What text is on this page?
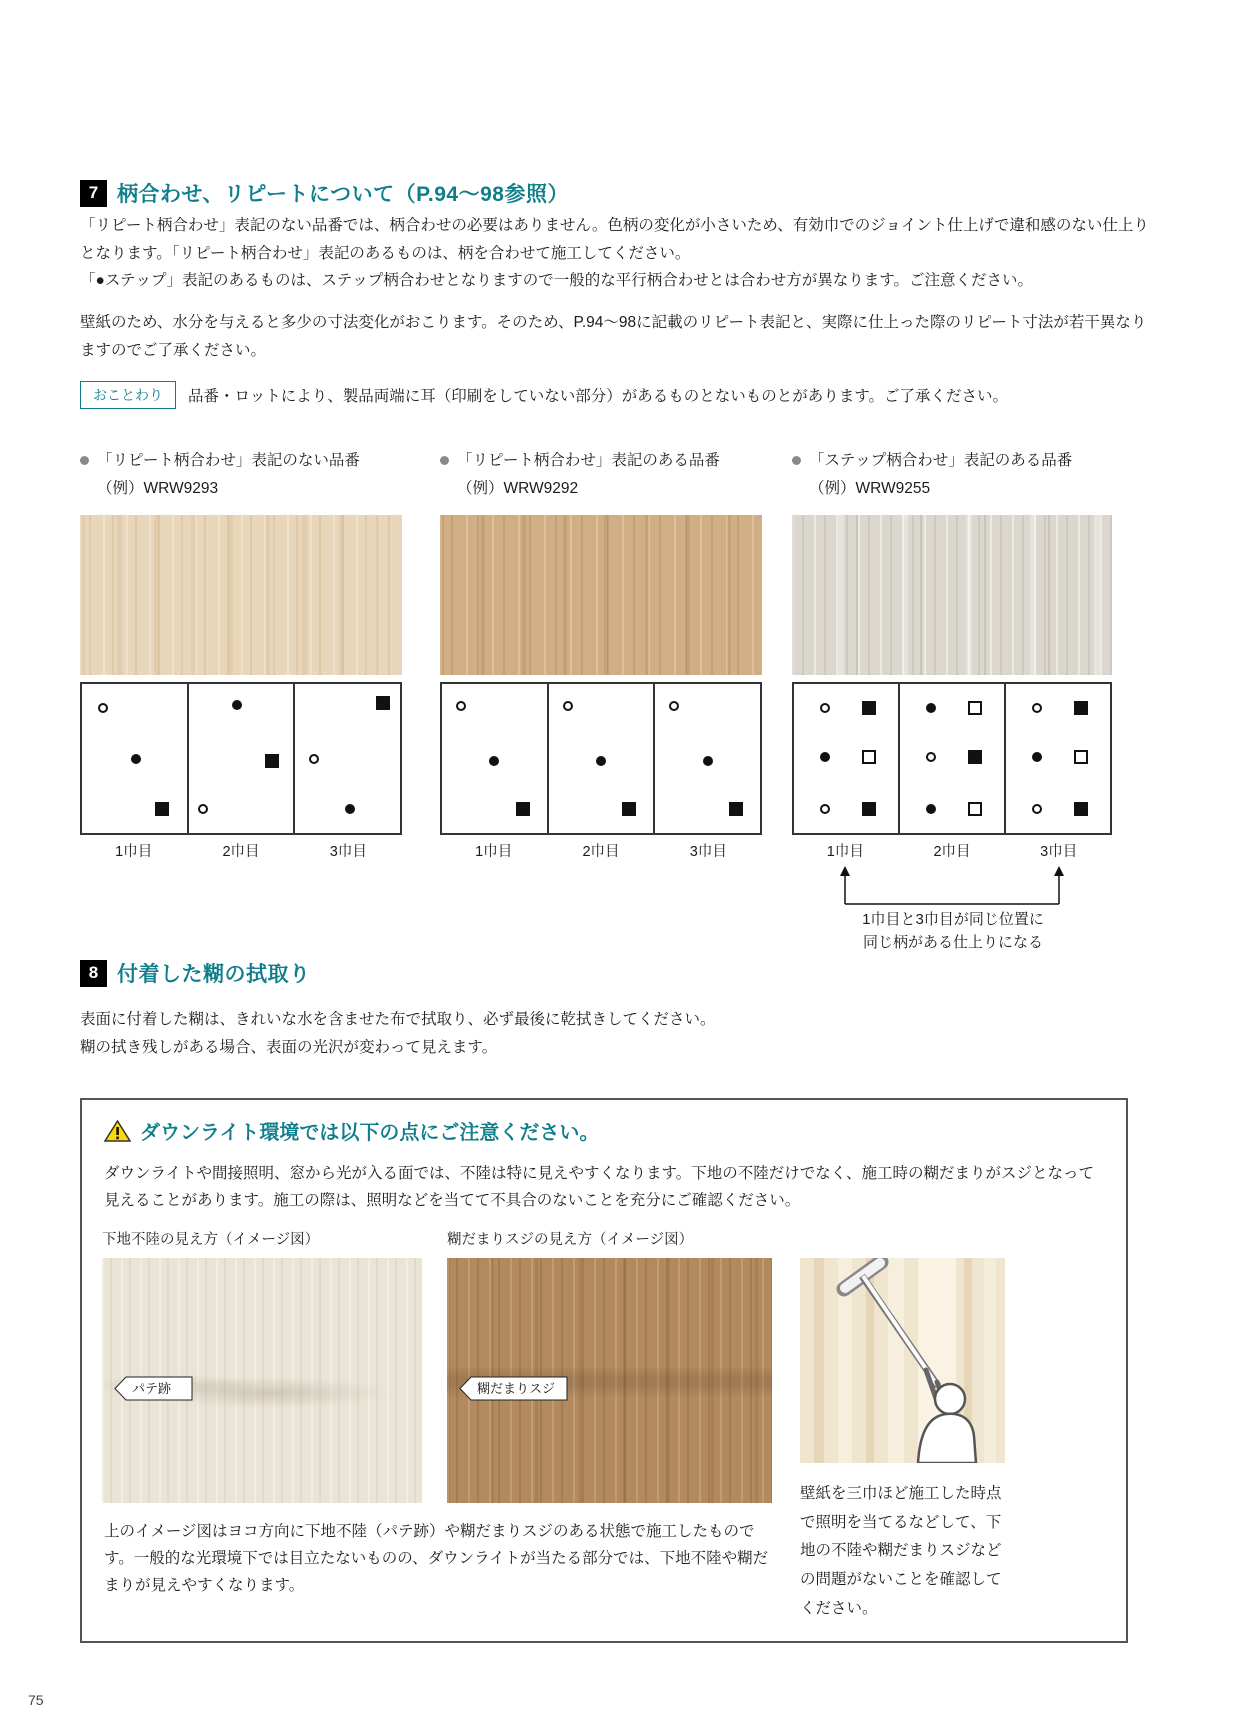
7 柄合わせ、リピートについて（P.94～98参照）

「リピート柄合わせ」表記のない品番では、柄合わせの必要はありません。色柄の変化が小さいため、有効巾でのジョイント仕上げで違和感のない仕上りとなります。「リピート柄合わせ」表記のあるものは、柄を合わせて施工してください。

「●ステップ」表記のあるものは、ステップ柄合わせとなりますので一般的な平行柄合わせとは合わせ方が異なります。ご注意ください。

壁紙のため、水分を与えると多少の寸法変化がおこります。そのため、P.94～98に記載のリピート表記と、実際に仕上った際のリピート寸法が若干異なりますのでご了承ください。

おことわり	品番・ロットにより、製品両端に耳（印刷をしていない部分）があるものとないものとがあります。ご了承ください。
「リピート柄合わせ」表記のない品番
（例）WRW9293
1巾目	2巾目	3巾目
「リピート柄合わせ」表記のある品番
（例）WRW9292
1巾目	2巾目	3巾目
「ステップ柄合わせ」表記のある品番
（例）WRW9255
1巾目	2巾目	3巾目
1巾目と3巾目が同じ位置に
同じ柄がある仕上りになる
8 付着した糊の拭取り

表面に付着した糊は、きれいな水を含ませた布で拭取り、必ず最後に乾拭きしてください。

糊の拭き残しがある場合、表面の光沢が変わって見えます。

ダウンライト環境では以下の点にご注意ください。
ダウンライトや間接照明、窓から光が入る面では、不陸は特に見えやすくなります。下地の不陸だけでなく、施工時の糊だまりがスジとなって見えることがあります。施工の際は、照明などを当てて不具合のないことを充分にご確認ください。
下地不陸の見え方（イメージ図）	糊だまりスジの見え方（イメージ図）
パテ跡	糊だまりスジ
上のイメージ図はヨコ方向に下地不陸（パテ跡）や糊だまりスジのある状態で施工したものです。一般的な光環境下では目立たないものの、ダウンライトが当たる部分では、下地不陸や糊だまりが見えやすくなります。
壁紙を三巾ほど施工した時点で照明を当てるなどして、下地の不陸や糊だまりスジなどの問題がないことを確認してください。
75
